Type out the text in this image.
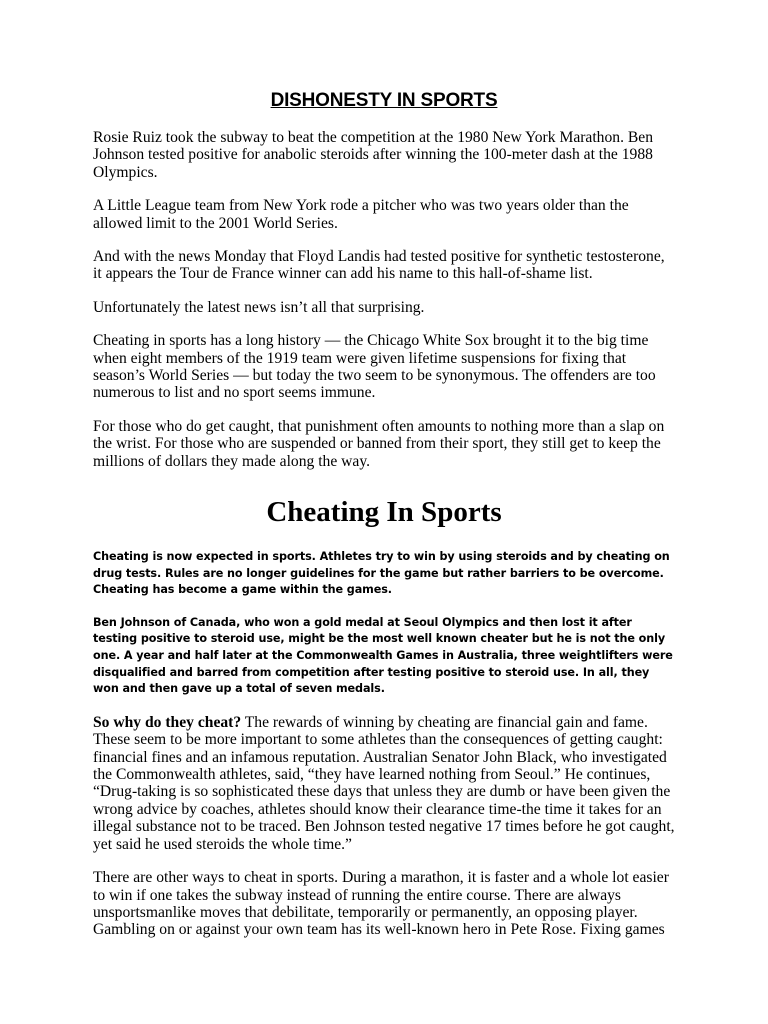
DISHONESTY IN SPORTS

Rosie Ruiz took the subway to beat the competition at the 1980 New York Marathon. Ben Johnson tested positive for anabolic steroids after winning the 100-meter dash at the 1988 Olympics.

A Little League team from New York rode a pitcher who was two years older than the allowed limit to the 2001 World Series.

And with the news Monday that Floyd Landis had tested positive for synthetic testosterone, it appears the Tour de France winner can add his name to this hall-of-shame list.

Unfortunately the latest news isn’t all that surprising.

Cheating in sports has a long history — the Chicago White Sox brought it to the big time when eight members of the 1919 team were given lifetime suspensions for fixing that season’s World Series — but today the two seem to be synonymous. The offenders are too numerous to list and no sport seems immune.

For those who do get caught, that punishment often amounts to nothing more than a slap on the wrist. For those who are suspended or banned from their sport, they still get to keep the millions of dollars they made along the way.

Cheating In Sports

Cheating is now expected in sports. Athletes try to win by using steroids and by cheating on drug tests. Rules are no longer guidelines for the game but rather barriers to be overcome. Cheating has become a game within the games.

Ben Johnson of Canada, who won a gold medal at Seoul Olympics and then lost it after testing positive to steroid use, might be the most well known cheater but he is not the only one. A year and half later at the Commonwealth Games in Australia, three weightlifters were disqualified and barred from competition after testing positive to steroid use. In all, they won and then gave up a total of seven medals.

So why do they cheat? The rewards of winning by cheating are financial gain and fame. These seem to be more important to some athletes than the consequences of getting caught: financial fines and an infamous reputation. Australian Senator John Black, who investigated the Commonwealth athletes, said, “they have learned nothing from Seoul.” He continues, “Drug-taking is so sophisticated these days that unless they are dumb or have been given the wrong advice by coaches, athletes should know their clearance time-the time it takes for an illegal substance not to be traced. Ben Johnson tested negative 17 times before he got caught, yet said he used steroids the whole time.”

There are other ways to cheat in sports. During a marathon, it is faster and a whole lot easier to win if one takes the subway instead of running the entire course. There are always unsportsmanlike moves that debilitate, temporarily or permanently, an opposing player. Gambling on or against your own team has its well-known hero in Pete Rose. Fixing games
